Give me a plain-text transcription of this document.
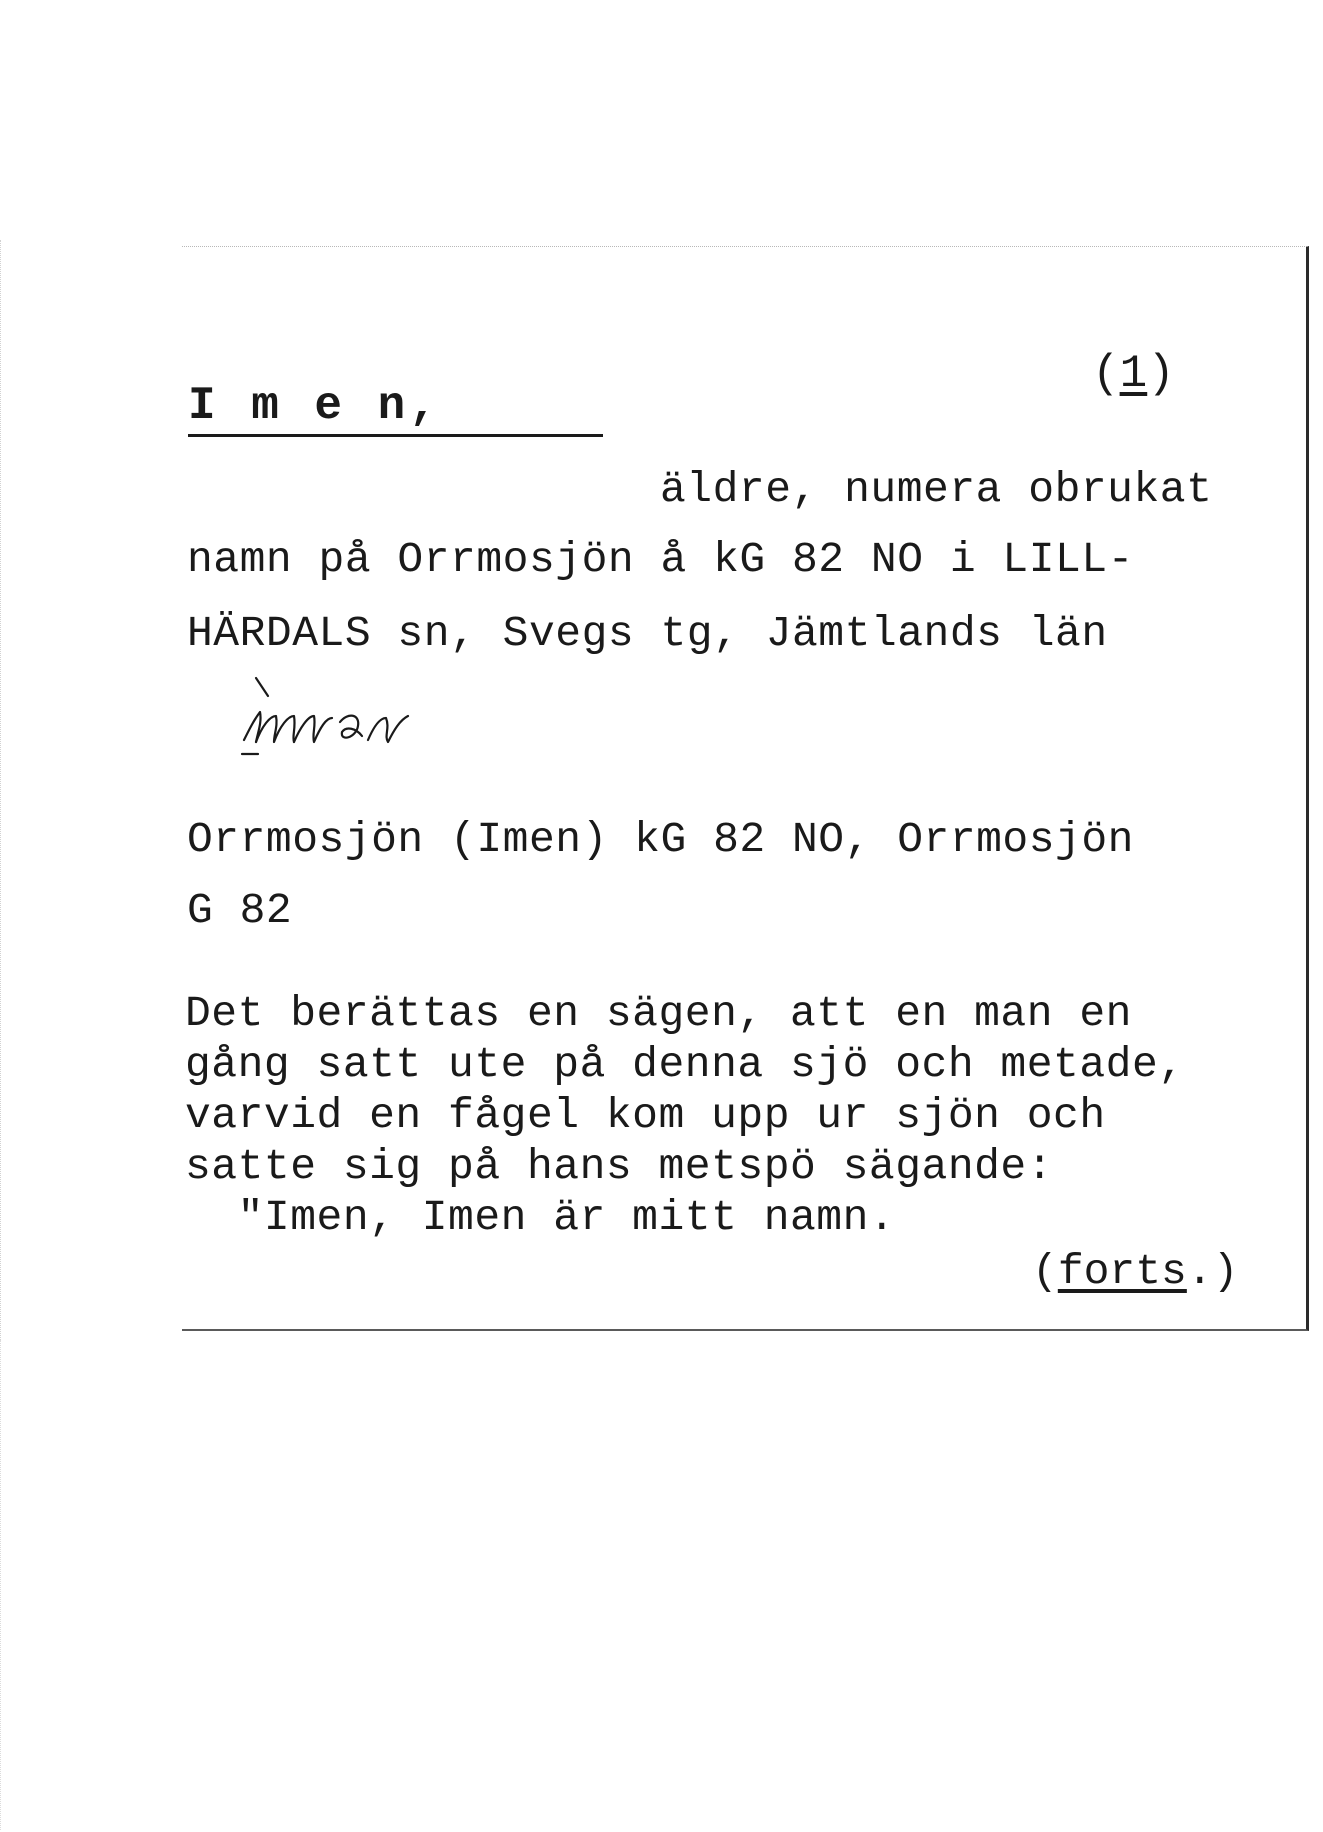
(1)
I m e n,
äldre, numera obrukat
namn på Orrmosjön å kG 82 NO i LILL-
HÄRDALS sn, Svegs tg, Jämtlands län
Orrmosjön (Imen) kG 82 NO, Orrmosjön
G 82
Det berättas en sägen, att en man en
gång satt ute på denna sjö och metade,
varvid en fågel kom upp ur sjön och
satte sig på hans metspö sägande:
"Imen, Imen är mitt namn.
(forts.)
